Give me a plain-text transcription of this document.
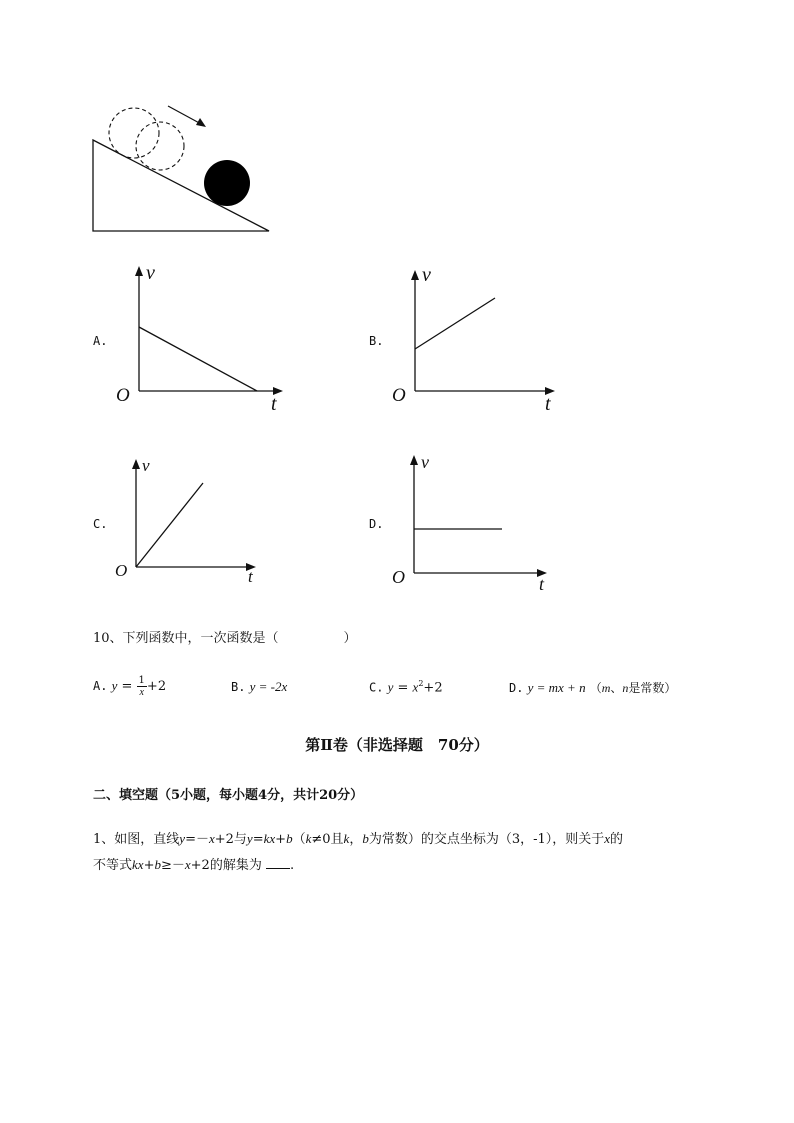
A.
v
t
O
B.
v
t
O
C.
v
t
O
D.
v
t
O
10、下列函数中，一次函数是（　　　　　）
A. $y = \frac{1}{x} +2$	B. y = -2x	C. $y = x^2+2$	D. y = mx + n （m、n是常数）
第Ⅱ卷（非选择题　70分）
二、填空题（5小题，每小题4分，共计20分）
1、如图，直线y=－x+2与y=kx+b（k≠0且k，b为常数）的交点坐标为（3，-1），则关于x的
不等式kx+b≥－x+2的解集为 .
